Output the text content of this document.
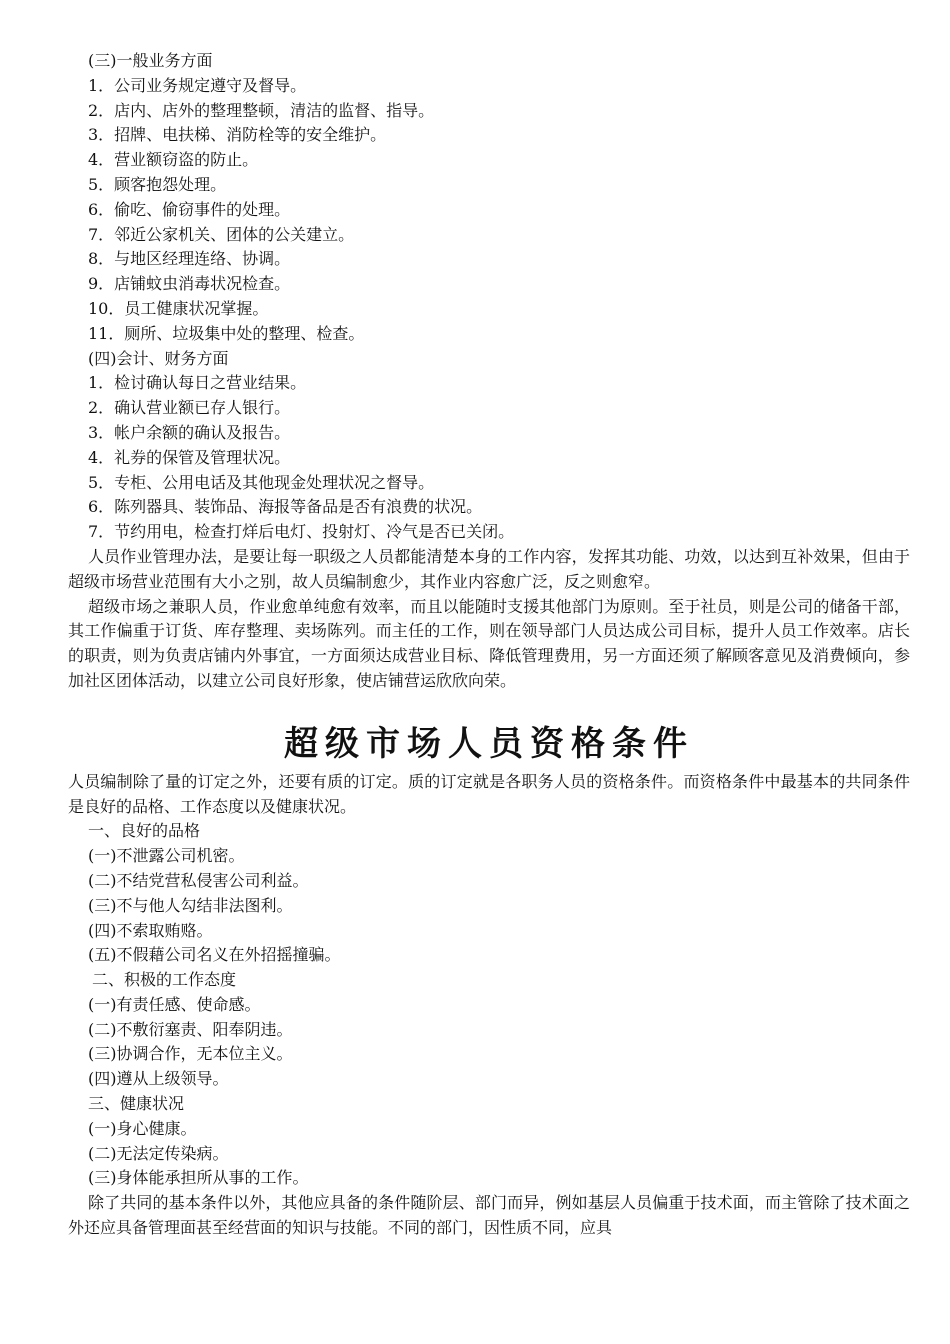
(三)一般业务方面

1．公司业务规定遵守及督导。

2．店内、店外的整理整顿，清洁的监督、指导。

3．招牌、电扶梯、消防栓等的安全维护。

4．营业额窃盗的防止。

5．顾客抱怨处理。

6．偷吃、偷窃事件的处理。

7．邻近公家机关、团体的公关建立。

8．与地区经理连络、协调。

9．店铺蚊虫消毒状况检查。

10．员工健康状况掌握。

11．厕所、垃圾集中处的整理、检查。

(四)会计、财务方面

1．检讨确认每日之营业结果。

2．确认营业额已存人银行。

3．帐户余额的确认及报告。

4．礼券的保管及管理状况。

5．专柜、公用电话及其他现金处理状况之督导。

6．陈列器具、装饰品、海报等备品是否有浪费的状况。

7．节约用电，检查打烊后电灯、投射灯、冷气是否已关闭。

人员作业管理办法，是要让每一职级之人员都能清楚本身的工作内容，发挥其功能、功效，以达到互补效果，但由于超级市场营业范围有大小之别，故人员编制愈少，其作业内容愈广泛，反之则愈窄。

超级市场之兼职人员，作业愈单纯愈有效率，而且以能随时支援其他部门为原则。至于社员，则是公司的储备干部，其工作偏重于订货、库存整理、卖场陈列。而主任的工作，则在领导部门人员达成公司目标，提升人员工作效率。店长的职责，则为负责店铺内外事宜，一方面须达成营业目标、降低管理费用，另一方面还须了解顾客意见及消费倾向，参加社区团体活动，以建立公司良好形象，使店铺营运欣欣向荣。

超级市场人员资格条件

人员编制除了量的订定之外，还要有质的订定。质的订定就是各职务人员的资格条件。而资格条件中最基本的共同条件是良好的品格、工作态度以及健康状况。

一、良好的品格

(一)不泄露公司机密。

(二)不结党营私侵害公司利益。

(三)不与他人勾结非法图利。

(四)不索取贿赂。

(五)不假藉公司名义在外招摇撞骗。

二、积极的工作态度

(一)有责任感、使命感。

(二)不敷衍塞责、阳奉阴违。

(三)协调合作，无本位主义。

(四)遵从上级领导。

三、健康状况

(一)身心健康。

(二)无法定传染病。

(三)身体能承担所从事的工作。

除了共同的基本条件以外，其他应具备的条件随阶层、部门而异，例如基层人员偏重于技术面，而主管除了技术面之外还应具备管理面甚至经营面的知识与技能。不同的部门，因性质不同，应具
